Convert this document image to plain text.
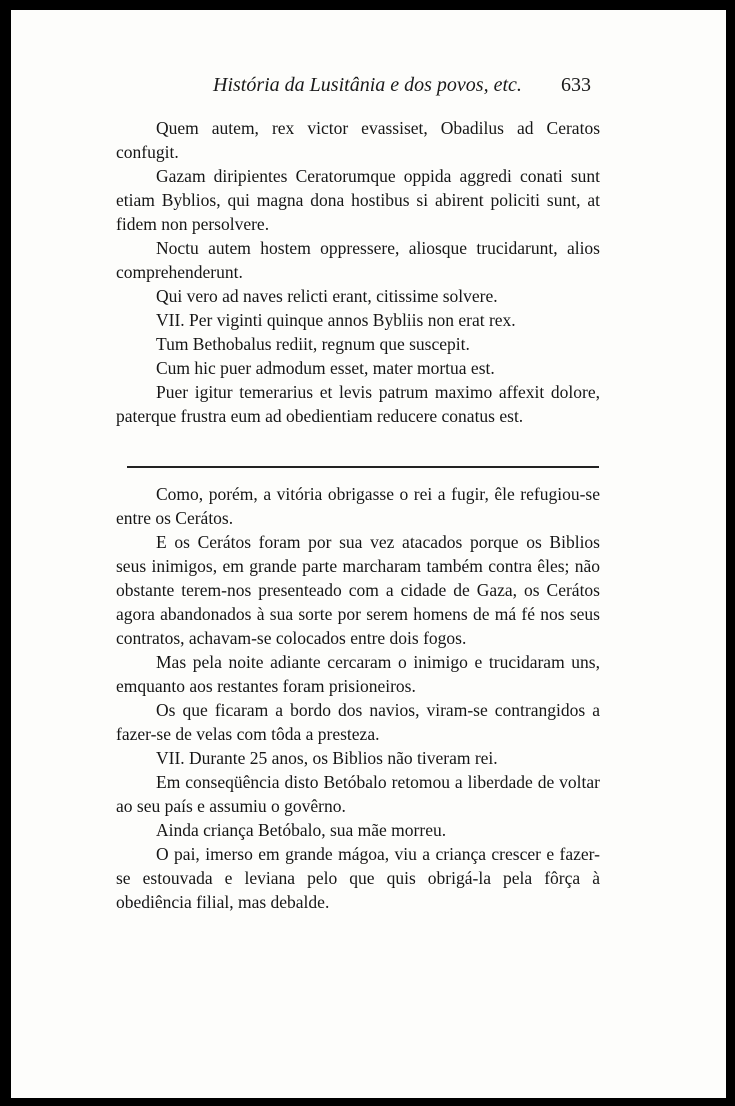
História da Lusitânia e dos povos, etc. 633

Quem autem, rex victor evassiset, Obadilus ad Ceratos confugit.

Gazam diripientes Ceratorumque oppida aggredi conati sunt etiam Byblios, qui magna dona hostibus si abirent policiti sunt, at fidem non persolvere.

Noctu autem hostem oppressere, aliosque trucidarunt, alios comprehenderunt.

Qui vero ad naves relicti erant, citissime solvere.

VII. Per viginti quinque annos Bybliis non erat rex.

Tum Bethobalus rediit, regnum que suscepit.

Cum hic puer admodum esset, mater mortua est.

Puer igitur temerarius et levis patrum maximo affexit dolore, paterque frustra eum ad obedientiam reducere conatus est.

Como, porém, a vitória obrigasse o rei a fugir, êle refugiou-se entre os Cerátos.

E os Cerátos foram por sua vez atacados porque os Biblios seus inimigos, em grande parte marcharam também contra êles; não obstante terem-nos presenteado com a cidade de Gaza, os Cerátos agora abandonados à sua sorte por serem homens de má fé nos seus contratos, achavam-se colocados entre dois fogos.

Mas pela noite adiante cercaram o inimigo e trucidaram uns, emquanto aos restantes foram prisioneiros.

Os que ficaram a bordo dos navios, viram-se contrangidos a fazer-se de velas com tôda a presteza.

VII. Durante 25 anos, os Biblios não tiveram rei.

Em conseqüência disto Betóbalo retomou a liberdade de voltar ao seu país e assumiu o govêrno.

Ainda criança Betóbalo, sua mãe morreu.

O pai, imerso em grande mágoa, viu a criança crescer e fazer-se estouvada e leviana pelo que quis obrigá-la pela fôrça à obediência filial, mas debalde.
